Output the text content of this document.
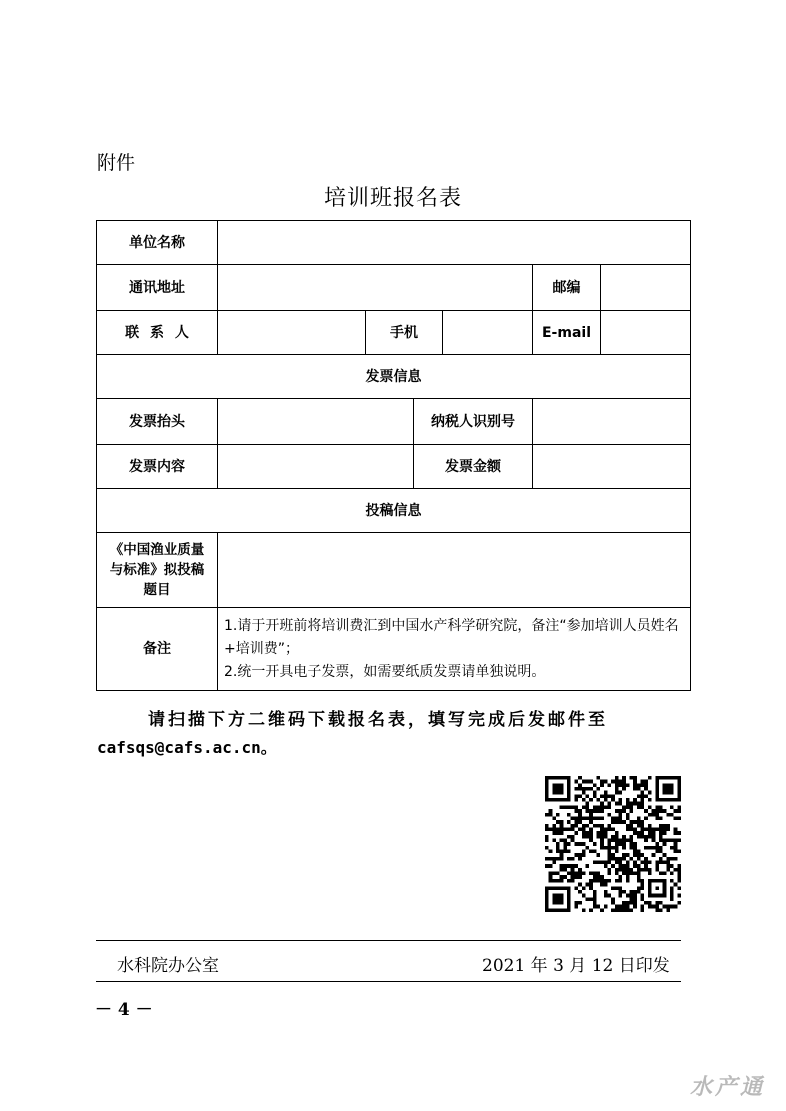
附件
培训班报名表
单位名称						
通讯地址					邮编	
联 系 人		手机			E-mail	
发票信息						
发票抬头			纳税人识别号			
发票内容			发票金额			
投稿信息						
《中国渔业质量与标准》拟投稿题目						
备注	1.请于开班前将培训费汇到中国水产科学研究院，备注“参加培训人员姓名+培训费”；
2.统一开具电子发票，如需要纸质发票请单独说明。					
请扫描下方二维码下载报名表，填写完成后发邮件至
cafsqs@cafs.ac.cn。
水科院办公室	2021 年 3 月 12 日印发
－ 4 －
水产通
